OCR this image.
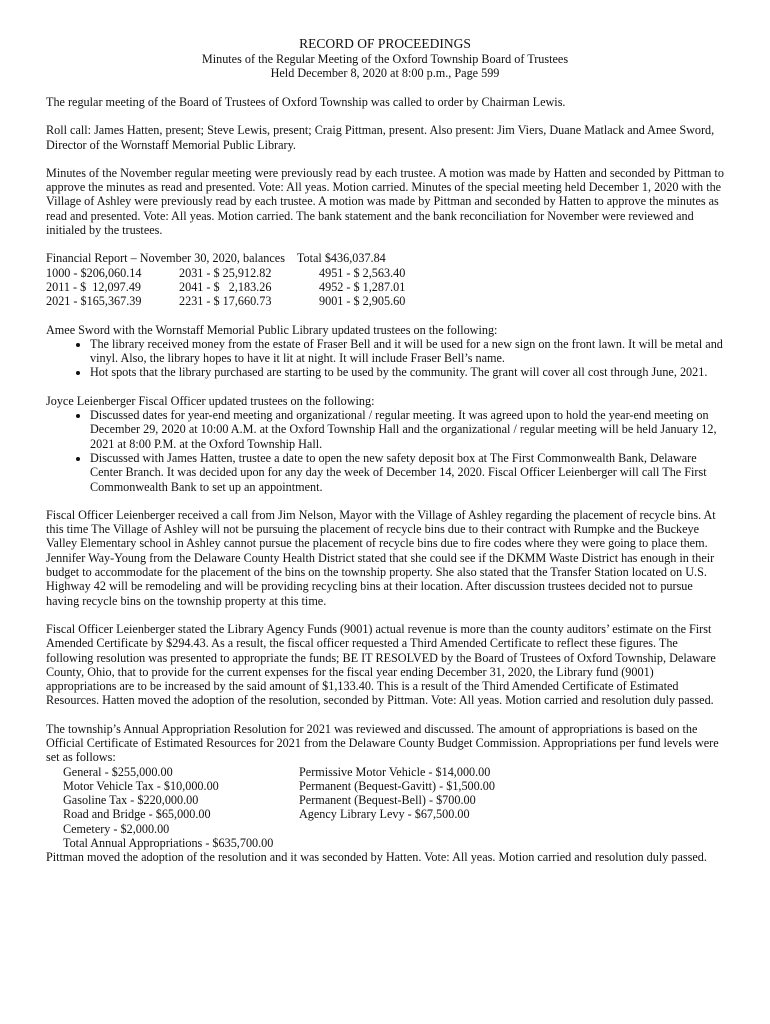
RECORD OF PROCEEDINGS

Minutes of the Regular Meeting of the Oxford Township Board of Trustees
Held December 8, 2020 at 8:00 p.m., Page 599

The regular meeting of the Board of Trustees of Oxford Township was called to order by Chairman Lewis.

Roll call: James Hatten, present; Steve Lewis, present; Craig Pittman, present. Also present: Jim Viers, Duane Matlack and Amee Sword, Director of the Wornstaff Memorial Public Library.

Minutes of the November regular meeting were previously read by each trustee. A motion was made by Hatten and seconded by Pittman to approve the minutes as read and presented. Vote: All yeas. Motion carried. Minutes of the special meeting held December 1, 2020 with the Village of Ashley were previously read by each trustee. A motion was made by Pittman and seconded by Hatten to approve the minutes as read and presented. Vote: All yeas. Motion carried. The bank statement and the bank reconciliation for November were reviewed and initialed by the trustees.

Financial Report – November 30, 2020, balances Total $436,037.84
1000 - $206,060.14	2031 - $ 25,912.82	4951 - $ 2,563.40
2011 - $  12,097.49	2041 - $   2,183.26	4952 - $ 1,287.01
2021 - $165,367.39	2231 - $ 17,660.73	9001 - $ 2,905.60

Amee Sword with the Wornstaff Memorial Public Library updated trustees on the following:

• The library received money from the estate of Fraser Bell and it will be used for a new sign on the front lawn. It will be metal and vinyl. Also, the library hopes to have it lit at night. It will include Fraser Bell’s name.
• Hot spots that the library purchased are starting to be used by the community. The grant will cover all cost through June, 2021.

Joyce Leienberger Fiscal Officer updated trustees on the following:

• Discussed dates for year-end meeting and organizational / regular meeting. It was agreed upon to hold the year-end meeting on December 29, 2020 at 10:00 A.M. at the Oxford Township Hall and the organizational / regular meeting will be held January 12, 2021 at 8:00 P.M. at the Oxford Township Hall.
• Discussed with James Hatten, trustee a date to open the new safety deposit box at The First Commonwealth Bank, Delaware Center Branch. It was decided upon for any day the week of December 14, 2020. Fiscal Officer Leienberger will call The First Commonwealth Bank to set up an appointment.

Fiscal Officer Leienberger received a call from Jim Nelson, Mayor with the Village of Ashley regarding the placement of recycle bins. At this time The Village of Ashley will not be pursuing the placement of recycle bins due to their contract with Rumpke and the Buckeye Valley Elementary school in Ashley cannot pursue the placement of recycle bins due to fire codes where they were going to place them. Jennifer Way-Young from the Delaware County Health District stated that she could see if the DKMM Waste District has enough in their budget to accommodate for the placement of the bins on the township property. She also stated that the Transfer Station located on U.S. Highway 42 will be remodeling and will be providing recycling bins at their location. After discussion trustees decided not to pursue having recycle bins on the township property at this time.

Fiscal Officer Leienberger stated the Library Agency Funds (9001) actual revenue is more than the county auditors’ estimate on the First Amended Certificate by $294.43. As a result, the fiscal officer requested a Third Amended Certificate to reflect these figures. The following resolution was presented to appropriate the funds; BE IT RESOLVED by the Board of Trustees of Oxford Township, Delaware County, Ohio, that to provide for the current expenses for the fiscal year ending December 31, 2020, the Library fund (9001) appropriations are to be increased by the said amount of $1,133.40. This is a result of the Third Amended Certificate of Estimated Resources. Hatten moved the adoption of the resolution, seconded by Pittman. Vote: All yeas. Motion carried and resolution duly passed.

The township’s Annual Appropriation Resolution for 2021 was reviewed and discussed. The amount of appropriations is based on the Official Certificate of Estimated Resources for 2021 from the Delaware County Budget Commission. Appropriations per fund levels were set as follows:

General - $255,000.00	Permissive Motor Vehicle - $14,000.00
Motor Vehicle Tax - $10,000.00	Permanent (Bequest-Gavitt) - $1,500.00
Gasoline Tax - $220,000.00	Permanent (Bequest-Bell) - $700.00
Road and Bridge - $65,000.00	Agency Library Levy - $67,500.00
Cemetery - $2,000.00
Total Annual Appropriations - $635,700.00

Pittman moved the adoption of the resolution and it was seconded by Hatten. Vote: All yeas. Motion carried and resolution duly passed.
